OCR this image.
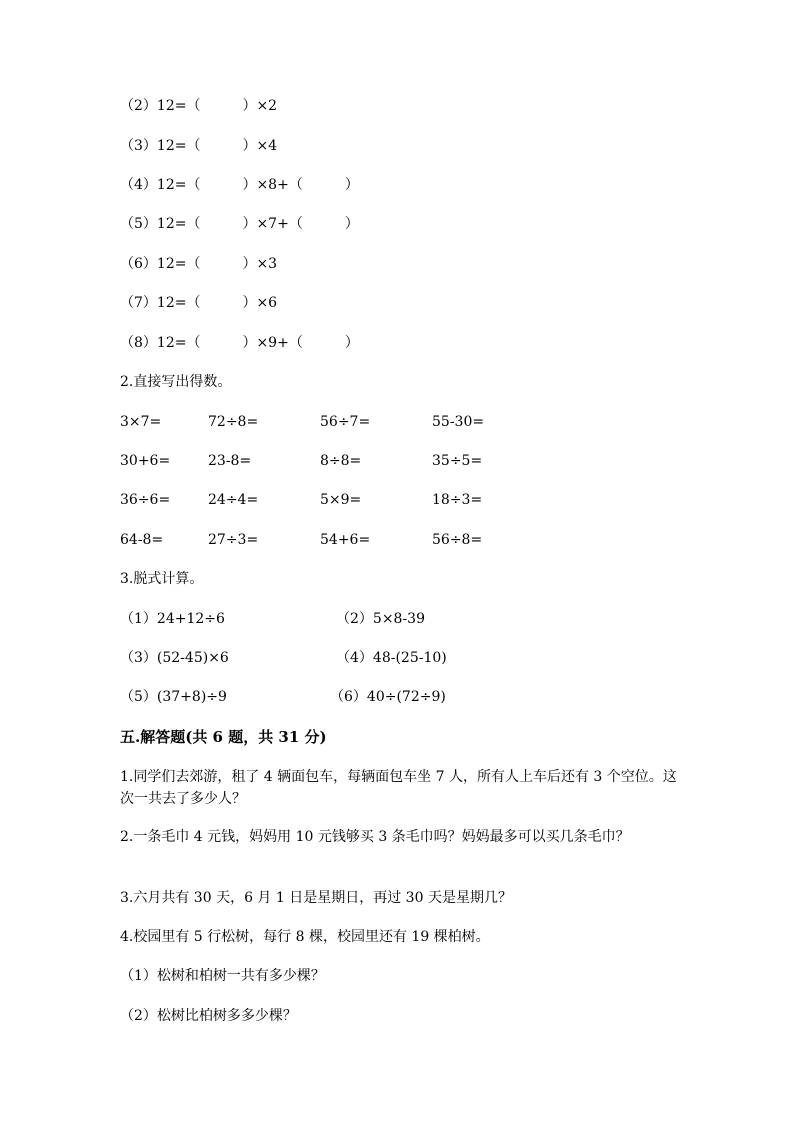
（2）12=（　　　）×2
（3）12=（　　　）×4
（4）12=（　　　）×8+（　　　）
（5）12=（　　　）×7+（　　　）
（6）12=（　　　）×3
（7）12=（　　　）×6
（8）12=（　　　）×9+（　　　）
2.直接写出得数。
3×7=	72÷8=	56÷7=	55-30=
30+6=	23-8=	8÷8=	35÷5=
36÷6=	24÷4=	5×9=	18÷3=
64-8=	27÷3=	54+6=	56÷8=
3.脱式计算。
（1）24+12÷6	（2）5×8-39
（3）(52-45)×6	（4）48-(25-10)
（5）(37+8)÷9	（6）40÷(72÷9)
五.解答题(共 6 题，共 31 分)
1.同学们去郊游，租了 4 辆面包车，每辆面包车坐 7 人，所有人上车后还有 3 个空位。这次一共去了多少人？
2.一条毛巾 4 元钱，妈妈用 10 元钱够买 3 条毛巾吗？妈妈最多可以买几条毛巾？
3.六月共有 30 天，6 月 1 日是星期日，再过 30 天是星期几？
4.校园里有 5 行松树，每行 8 棵，校园里还有 19 棵柏树。
（1）松树和柏树一共有多少棵？
（2）松树比柏树多多少棵？
